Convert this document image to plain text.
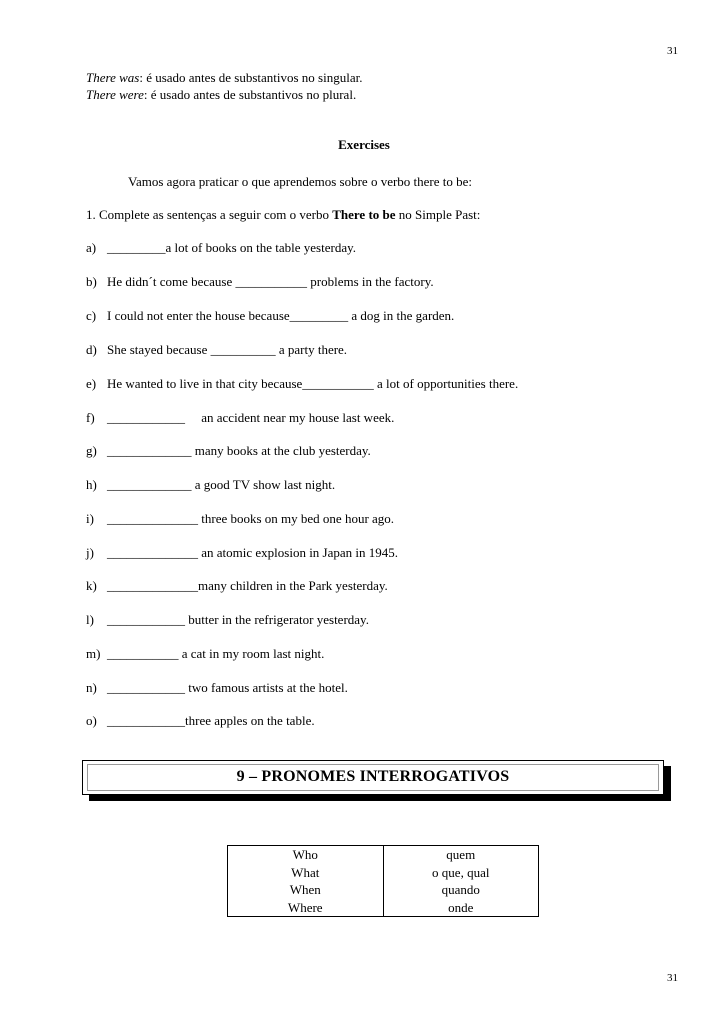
31
There was: é usado antes de substantivos no singular.
There were: é usado antes de substantivos no plural.
Exercises
Vamos agora praticar o que aprendemos sobre o verbo there to be:
1. Complete as sentenças a seguir com o verbo There to be no Simple Past:
a) _________a lot of books on the table yesterday.
b) He didn´t come because ___________ problems in the factory.
c) I could not enter the house because_________ a dog in the garden.
d) She stayed because __________ a party there.
e) He wanted to live in that city because___________ a lot of opportunities there.
f) ____________     an accident near my house last week.
g) _____________ many books at the club yesterday.
h) _____________ a good TV show last night.
i) ______________ three books on my bed one hour ago.
j) ______________ an atomic explosion in Japan in 1945.
k) ______________many children in the Park yesterday.
l) ____________ butter in the refrigerator yesterday.
m) ___________ a cat in my room last night.
n) ____________ two famous artists at the hotel.
o) ____________three apples on the table.
9 – PRONOMES INTERROGATIVOS
Who	quem
What	o que, qual
When	quando
Where	onde
31
